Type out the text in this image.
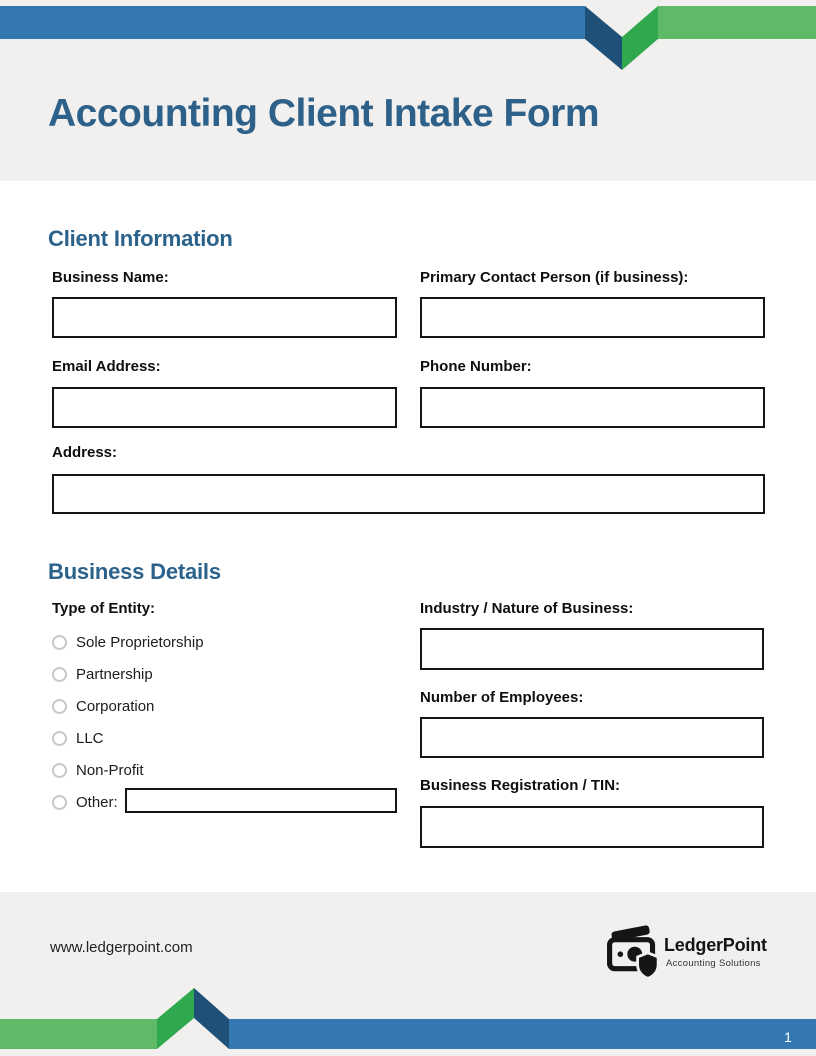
Accounting Client Intake Form
Client Information
Business Name:	Primary Contact Person (if business):
Email Address:	Phone Number:
Address:
Business Details
Type of Entity:
Sole Proprietorship
Partnership
Corporation
LLC
Non-Profit
Other:
Industry / Nature of Business:
Number of Employees:
Business Registration / TIN:
www.ledgerpoint.com	LedgerPoint
Accounting Solutions
1
